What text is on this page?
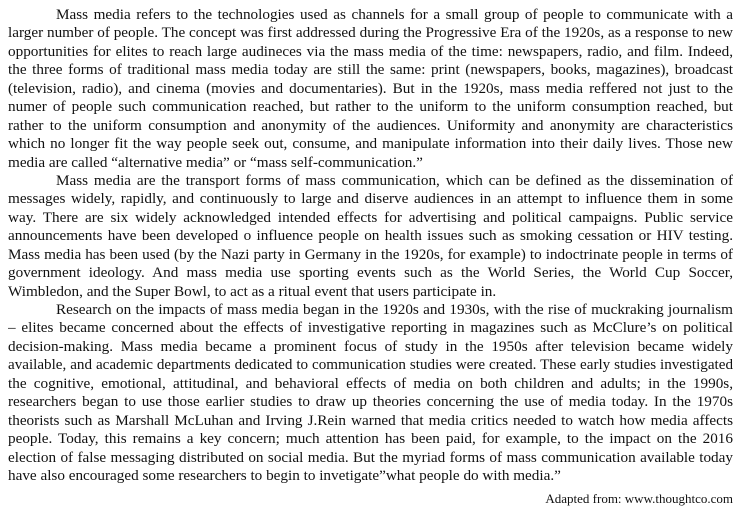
Mass media refers to the technologies used as channels for a small group of people to communicate with a
larger number of people. The concept was first addressed during the Progressive Era of the 1920s, as a response to new
opportunities for elites to reach large audineces via the mass media of the time: newspapers, radio, and film. Indeed,
the three forms of traditional mass media today are still the same: print (newspapers, books, magazines), broadcast
(television, radio), and cinema (movies and documentaries). But in the 1920s, mass media reffered not just to the
numer of people such communication reached, but rather to the uniform to the uniform consumption reached, but
rather to the uniform consumption and anonymity of the audiences. Uniformity and anonymity are characteristics
which no longer fit the way people seek out, consume, and manipulate information into their daily lives. Those new
media are called “alternative media” or “mass self-communication.”
Mass media are the transport forms of mass communication, which can be defined as the dissemination of
messages widely, rapidly, and continuously to large and diserve audiences in an attempt to influence them in some
way. There are six widely acknowledged intended effects for advertising and political campaigns. Public service
announcements have been developed o influence people on health issues such as smoking cessation or HIV testing.
Mass media has been used (by the Nazi party in Germany in the 1920s, for example) to indoctrinate people in terms of
government ideology. And mass media use sporting events such as the World Series, the World Cup Soccer,
Wimbledon, and the Super Bowl, to act as a ritual event that users participate in.
Research on the impacts of mass media began in the 1920s and 1930s, with the rise of muckraking journalism
– elites became concerned about the effects of investigative reporting in magazines such as McClure’s on political
decision-making. Mass media became a prominent focus of study in the 1950s after television became widely
available, and academic departments dedicated to communication studies were created. These early studies investigated
the cognitive, emotional, attitudinal, and behavioral effects of media on both children and adults; in the 1990s,
researchers began to use those earlier studies to draw up theories concerning the use of media today. In the 1970s
theorists such as Marshall McLuhan and Irving J.Rein warned that media critics needed to watch how media affects
people. Today, this remains a key concern; much attention has been paid, for example, to the impact on the 2016
election of false messaging distributed on social media. But the myriad forms of mass communication available today
have also encouraged some researchers to begin to invetigate”what people do with media.”
Adapted from: www.thoughtco.com
